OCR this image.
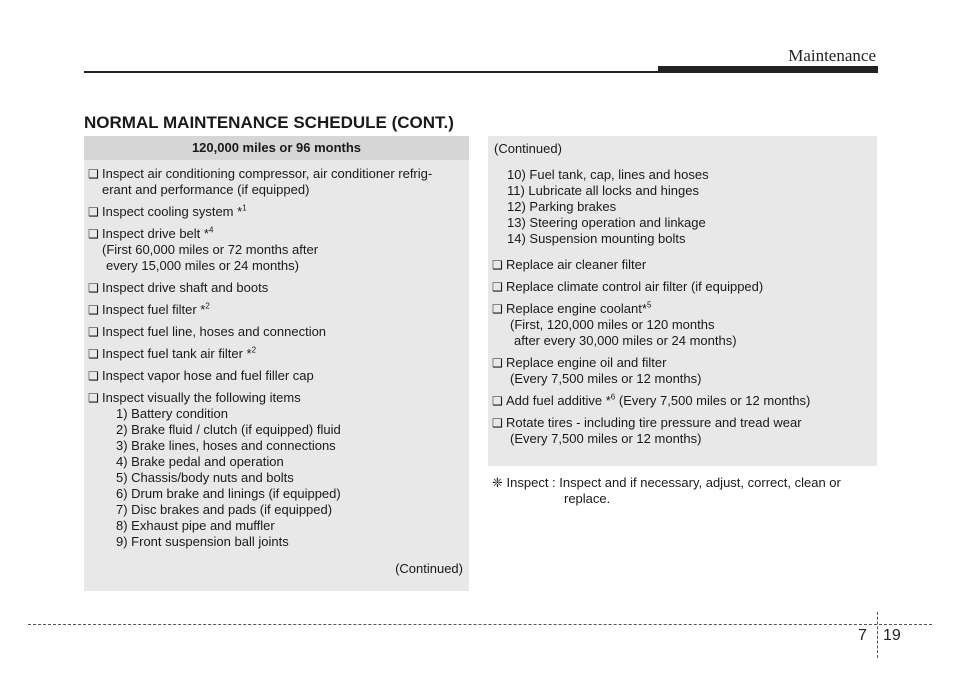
Maintenance
NORMAL MAINTENANCE SCHEDULE (CONT.)
120,000 miles or 96 months
❑ Inspect air conditioning compressor, air conditioner refrig-
erant and performance (if equipped)
❑ Inspect cooling system *$^1$
❑ Inspect drive belt *$^4$
(First 60,000 miles or 72 months after
every 15,000 miles or 24 months)
❑ Inspect drive shaft and boots
❑ Inspect fuel filter *$^2$
❑ Inspect fuel line, hoses and connection
❑ Inspect fuel tank air filter *$^2$
❑ Inspect vapor hose and fuel filler cap
❑ Inspect visually the following items
1) Battery condition
2) Brake fluid / clutch (if equipped) fluid
3) Brake lines, hoses and connections
4) Brake pedal and operation
5) Chassis/body nuts and bolts
6) Drum brake and linings (if equipped)
7) Disc brakes and pads (if equipped)
8) Exhaust pipe and muffler
9) Front suspension ball joints
(Continued)
(Continued)
10) Fuel tank, cap, lines and hoses
11) Lubricate all locks and hinges
12) Parking brakes
13) Steering operation and linkage
14) Suspension mounting bolts
❑ Replace air cleaner filter
❑ Replace climate control air filter (if equipped)
❑ Replace engine coolant*$^5$
(First, 120,000 miles or 120 months
after every 30,000 miles or 24 months)
❑ Replace engine oil and filter
(Every 7,500 miles or 12 months)
❑ Add fuel additive *$^6$ (Every 7,500 miles or 12 months)
❑ Rotate tires - including tire pressure and tread wear
(Every 7,500 miles or 12 months)
❈ Inspect : Inspect and if necessary, adjust, correct, clean or
replace.
7 19
